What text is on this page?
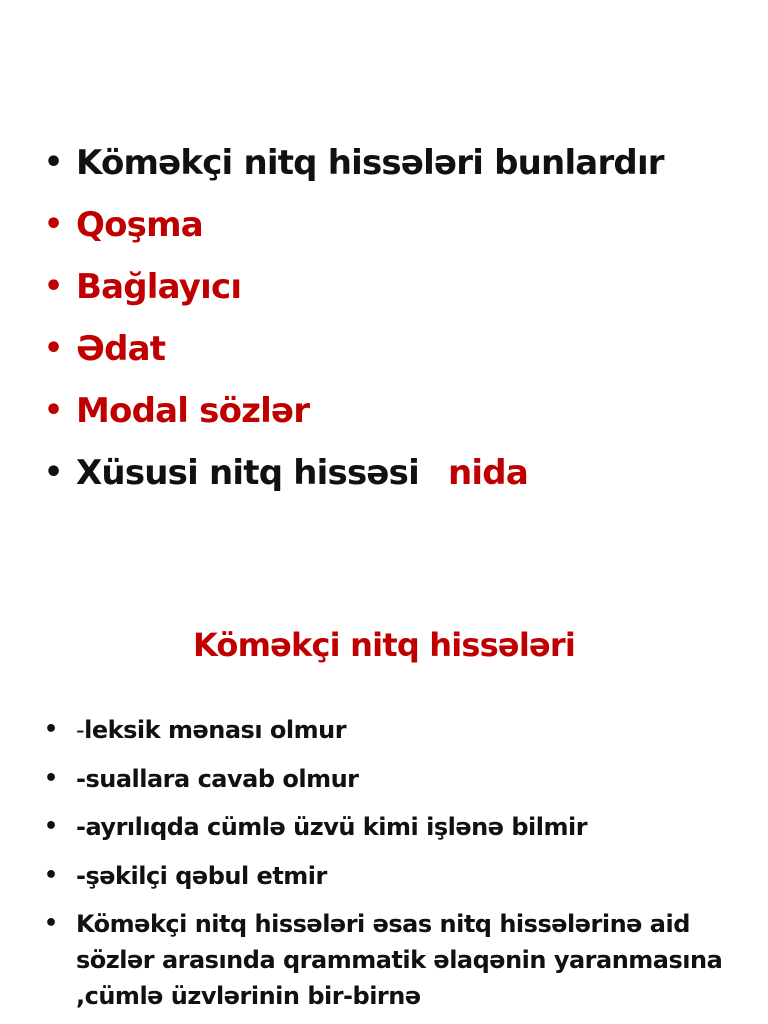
• Köməkçi nitq hissələri bunlardır
• Qoşma
• Bağlayıcı
• Ədat
• Modal sözlər
• Xüsusi nitq hissəsi nida
Köməkçi nitq hissələri
• -leksik mənası olmur
• -suallara cavab olmur
• -ayrılıqda cümlə üzvü kimi işlənə bilmir
• -şəkilçi qəbul etmir
• Köməkçi nitq hissələri əsas nitq hissələrinə aid sözlər arasında qrammatik əlaqənin yaranmasına ,cümlə üzvlərinin bir-birnə
